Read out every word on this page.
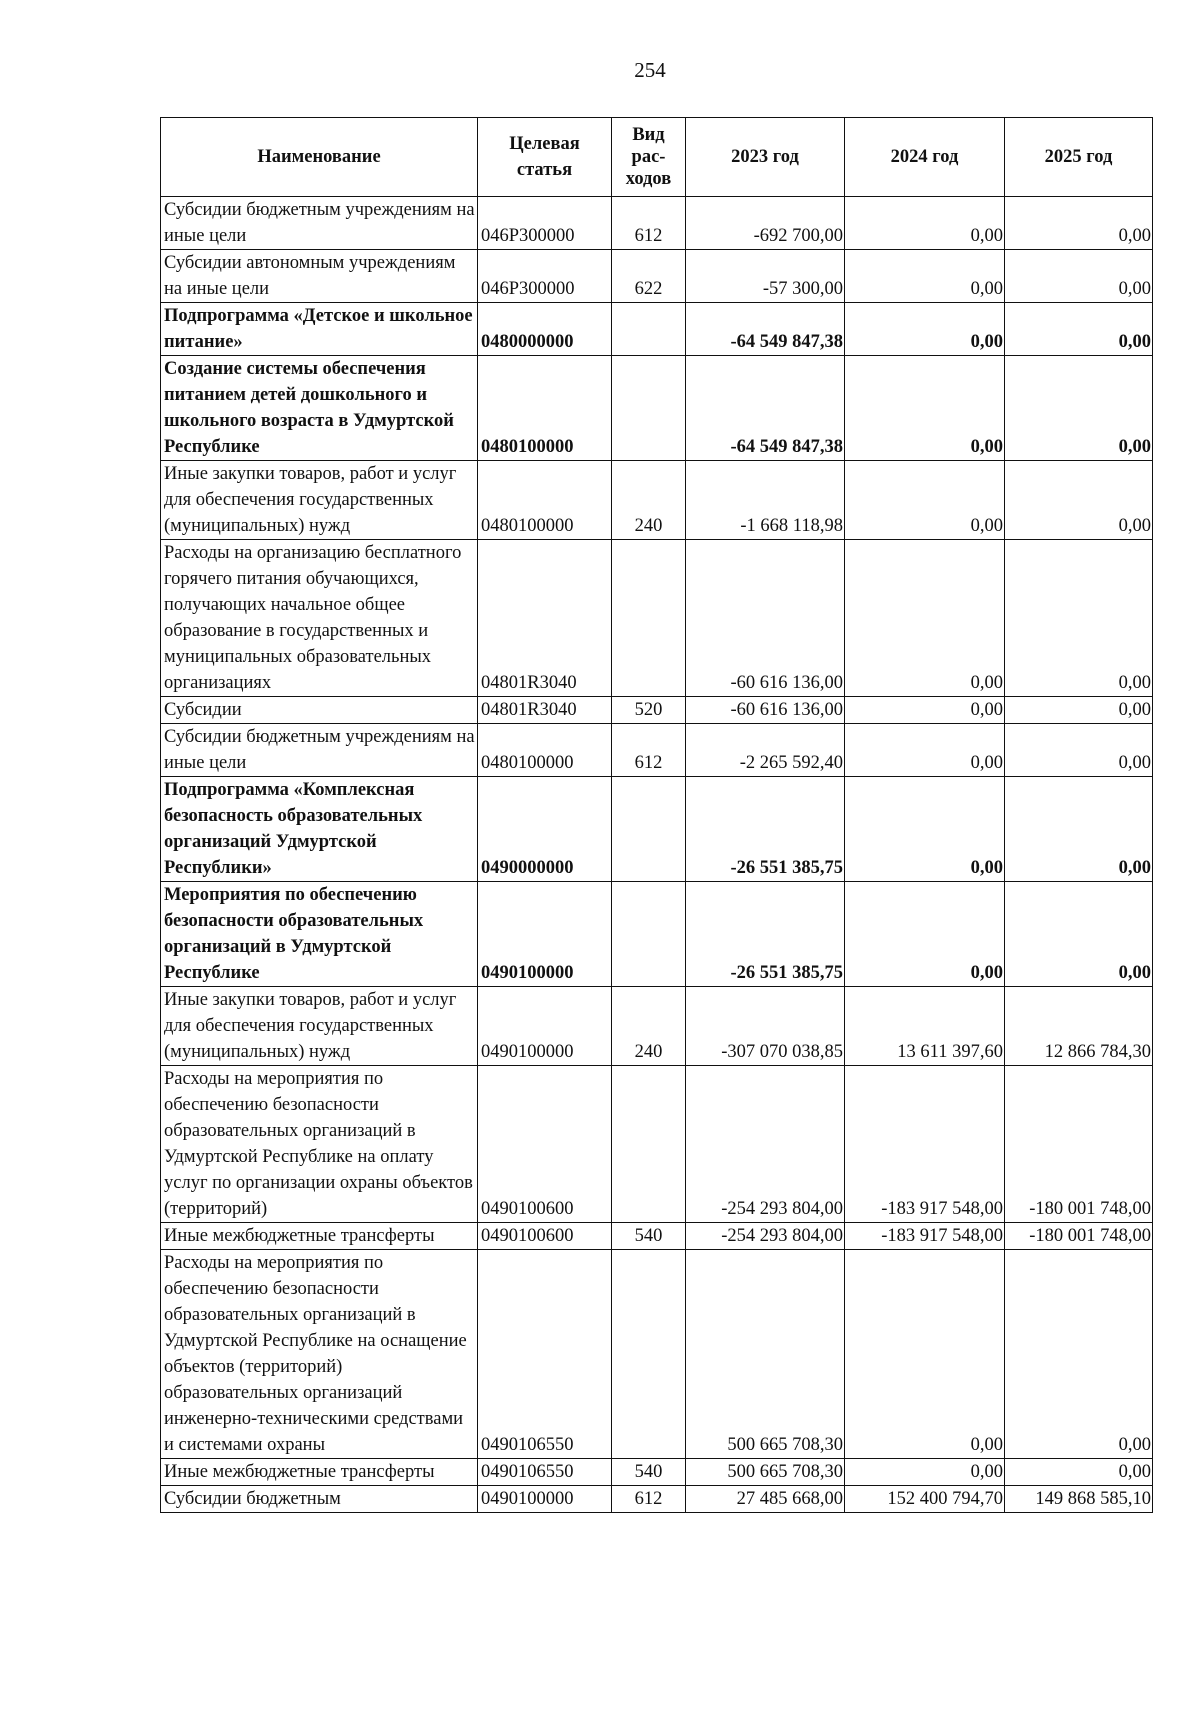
254
Наименование	Целевая статья	Вид рас-ходов	2023 год	2024 год	2025 год
Субсидии бюджетным учреждениям на иные цели	046Р300000	612	-692 700,00	0,00	0,00
Субсидии автономным учреждениям на иные цели	046Р300000	622	-57 300,00	0,00	0,00
Подпрограмма «Детское и школьное питание»	0480000000		-64 549 847,38	0,00	0,00
Создание системы обеспечения питанием детей дошкольного и школьного возраста в Удмуртской Республике	0480100000		-64 549 847,38	0,00	0,00
Иные закупки товаров, работ и услуг для обеспечения государственных (муниципальных) нужд	0480100000	240	-1 668 118,98	0,00	0,00
Расходы на организацию бесплатного горячего питания обучающихся, получающих начальное общее образование в государственных и муниципальных образовательных организациях	04801R3040		-60 616 136,00	0,00	0,00
Субсидии	04801R3040	520	-60 616 136,00	0,00	0,00
Субсидии бюджетным учреждениям на иные цели	0480100000	612	-2 265 592,40	0,00	0,00
Подпрограмма «Комплексная безопасность образовательных организаций Удмуртской Республики»	0490000000		-26 551 385,75	0,00	0,00
Мероприятия по обеспечению безопасности образовательных организаций в Удмуртской Республике	0490100000		-26 551 385,75	0,00	0,00
Иные закупки товаров, работ и услуг для обеспечения государственных (муниципальных) нужд	0490100000	240	-307 070 038,85	13 611 397,60	12 866 784,30
Расходы на мероприятия по обеспечению безопасности образовательных организаций в Удмуртской Республике на оплату услуг по организации охраны объектов (территорий)	0490100600		-254 293 804,00	-183 917 548,00	-180 001 748,00
Иные межбюджетные трансферты	0490100600	540	-254 293 804,00	-183 917 548,00	-180 001 748,00
Расходы на мероприятия по обеспечению безопасности образовательных организаций в Удмуртской Республике на оснащение объектов (территорий) образовательных организаций инженерно-техническими средствами и системами охраны	0490106550		500 665 708,30	0,00	0,00
Иные межбюджетные трансферты	0490106550	540	500 665 708,30	0,00	0,00
Субсидии бюджетным	0490100000	612	27 485 668,00	152 400 794,70	149 868 585,10
